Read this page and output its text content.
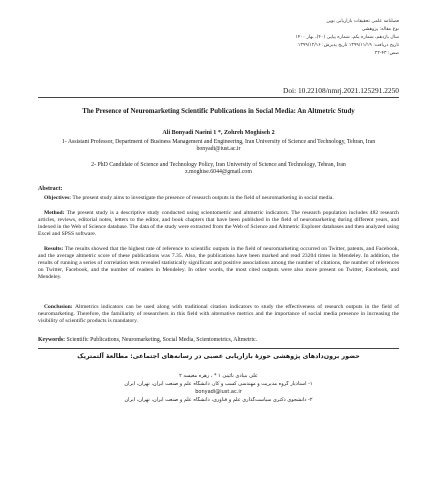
فصلنامه علمی تحقیقات بازاریابی نوین
نوع مقاله: پژوهشی
سال یازدهم، شماره یکم، شماره پیاپی (۴۰)، بهار ۱۴۰۰
تاریخ دریافت: ۱۳۹۹/۱۱/۱۹ تاریخ پذیرش: ۱۳۹۹/۱۲/۱۶
صص: ۴۳-۲۲
Doi: 10.22108/nmrj.2021.125291.2250
The Presence of Neuromarketing Scientific Publications in Social Media: An Altmetric Study
Ali Bonyadi Naeini 1 *, Zohreh Moghiseh 2
1- Assistant Professor, Department of Business Management and Engineering, Iran University of Science and Technology, Tehran, Iran
bonyadi@iust.ac.ir
2- PhD Candidate of Science and Technology Policy, Iran University of Science and Technology, Tehran, Iran
z.moghise.6044@gmail.com
Abstract:

Objectives: The present study aims to investigate the presence of research outputs in the field of neuromarketing in social media.

Method: The present study is a descriptive study conducted using scientometric and altmetric indicators. The research population includes 482 research articles, reviews, editorial notes, letters to the editor, and book chapters that have been published in the field of neuromarketing during different years, and indexed in the Web of Science database. The data of the study were extracted from the Web of Science and Altmetric Explorer databases and then analyzed using Excel and SPSS software.

Results: The results showed that the highest rate of reference to scientific outputs in the field of neuromarketing occurred on Twitter, patents, and Facebook, and the average altmetric score of these publications was 7.35. Also, the publications have been marked and read 23204 times in Mendeley. In addition, the results of running a series of correlation tests revealed statistically significant and positive associations among the number of citations, the number of references on Twitter, Facebook, and the number of readers in Mendeley. In other words, the most cited outputs were also more present on Twitter, Facebook, and Mendeley.

Conclusion: Altmetrics indicators can be used along with traditional citation indicators to study the effectiveness of research outputs in the field of neuromarketing. Therefore, the familiarity of researchers in this field with alternative metrics and the importance of social media presence in increasing the visibility of scientific products is mandatory.

Keywords: Scientific Publications, Neuromarketing, Social Media, Scientometrics, Altmetric.
حضور برون‌دادهای پژوهشی حوزهٔ بازاریابی عصبی در رسانه‌های اجتماعی: مطالعهٔ آلتمتریک
علی بنیادی نائینی ۱ * ، زهره مغیسه ۲
۱- استادیار گروه مدیریت و مهندسی کسب و کار، دانشگاه علم و صنعت ایران، تهران، ایران
bonyadi@iust.ac.ir
۲- دانشجوی دکتری سیاست‌گذاری علم و فناوری، دانشگاه علم و صنعت ایران، تهران، ایران
